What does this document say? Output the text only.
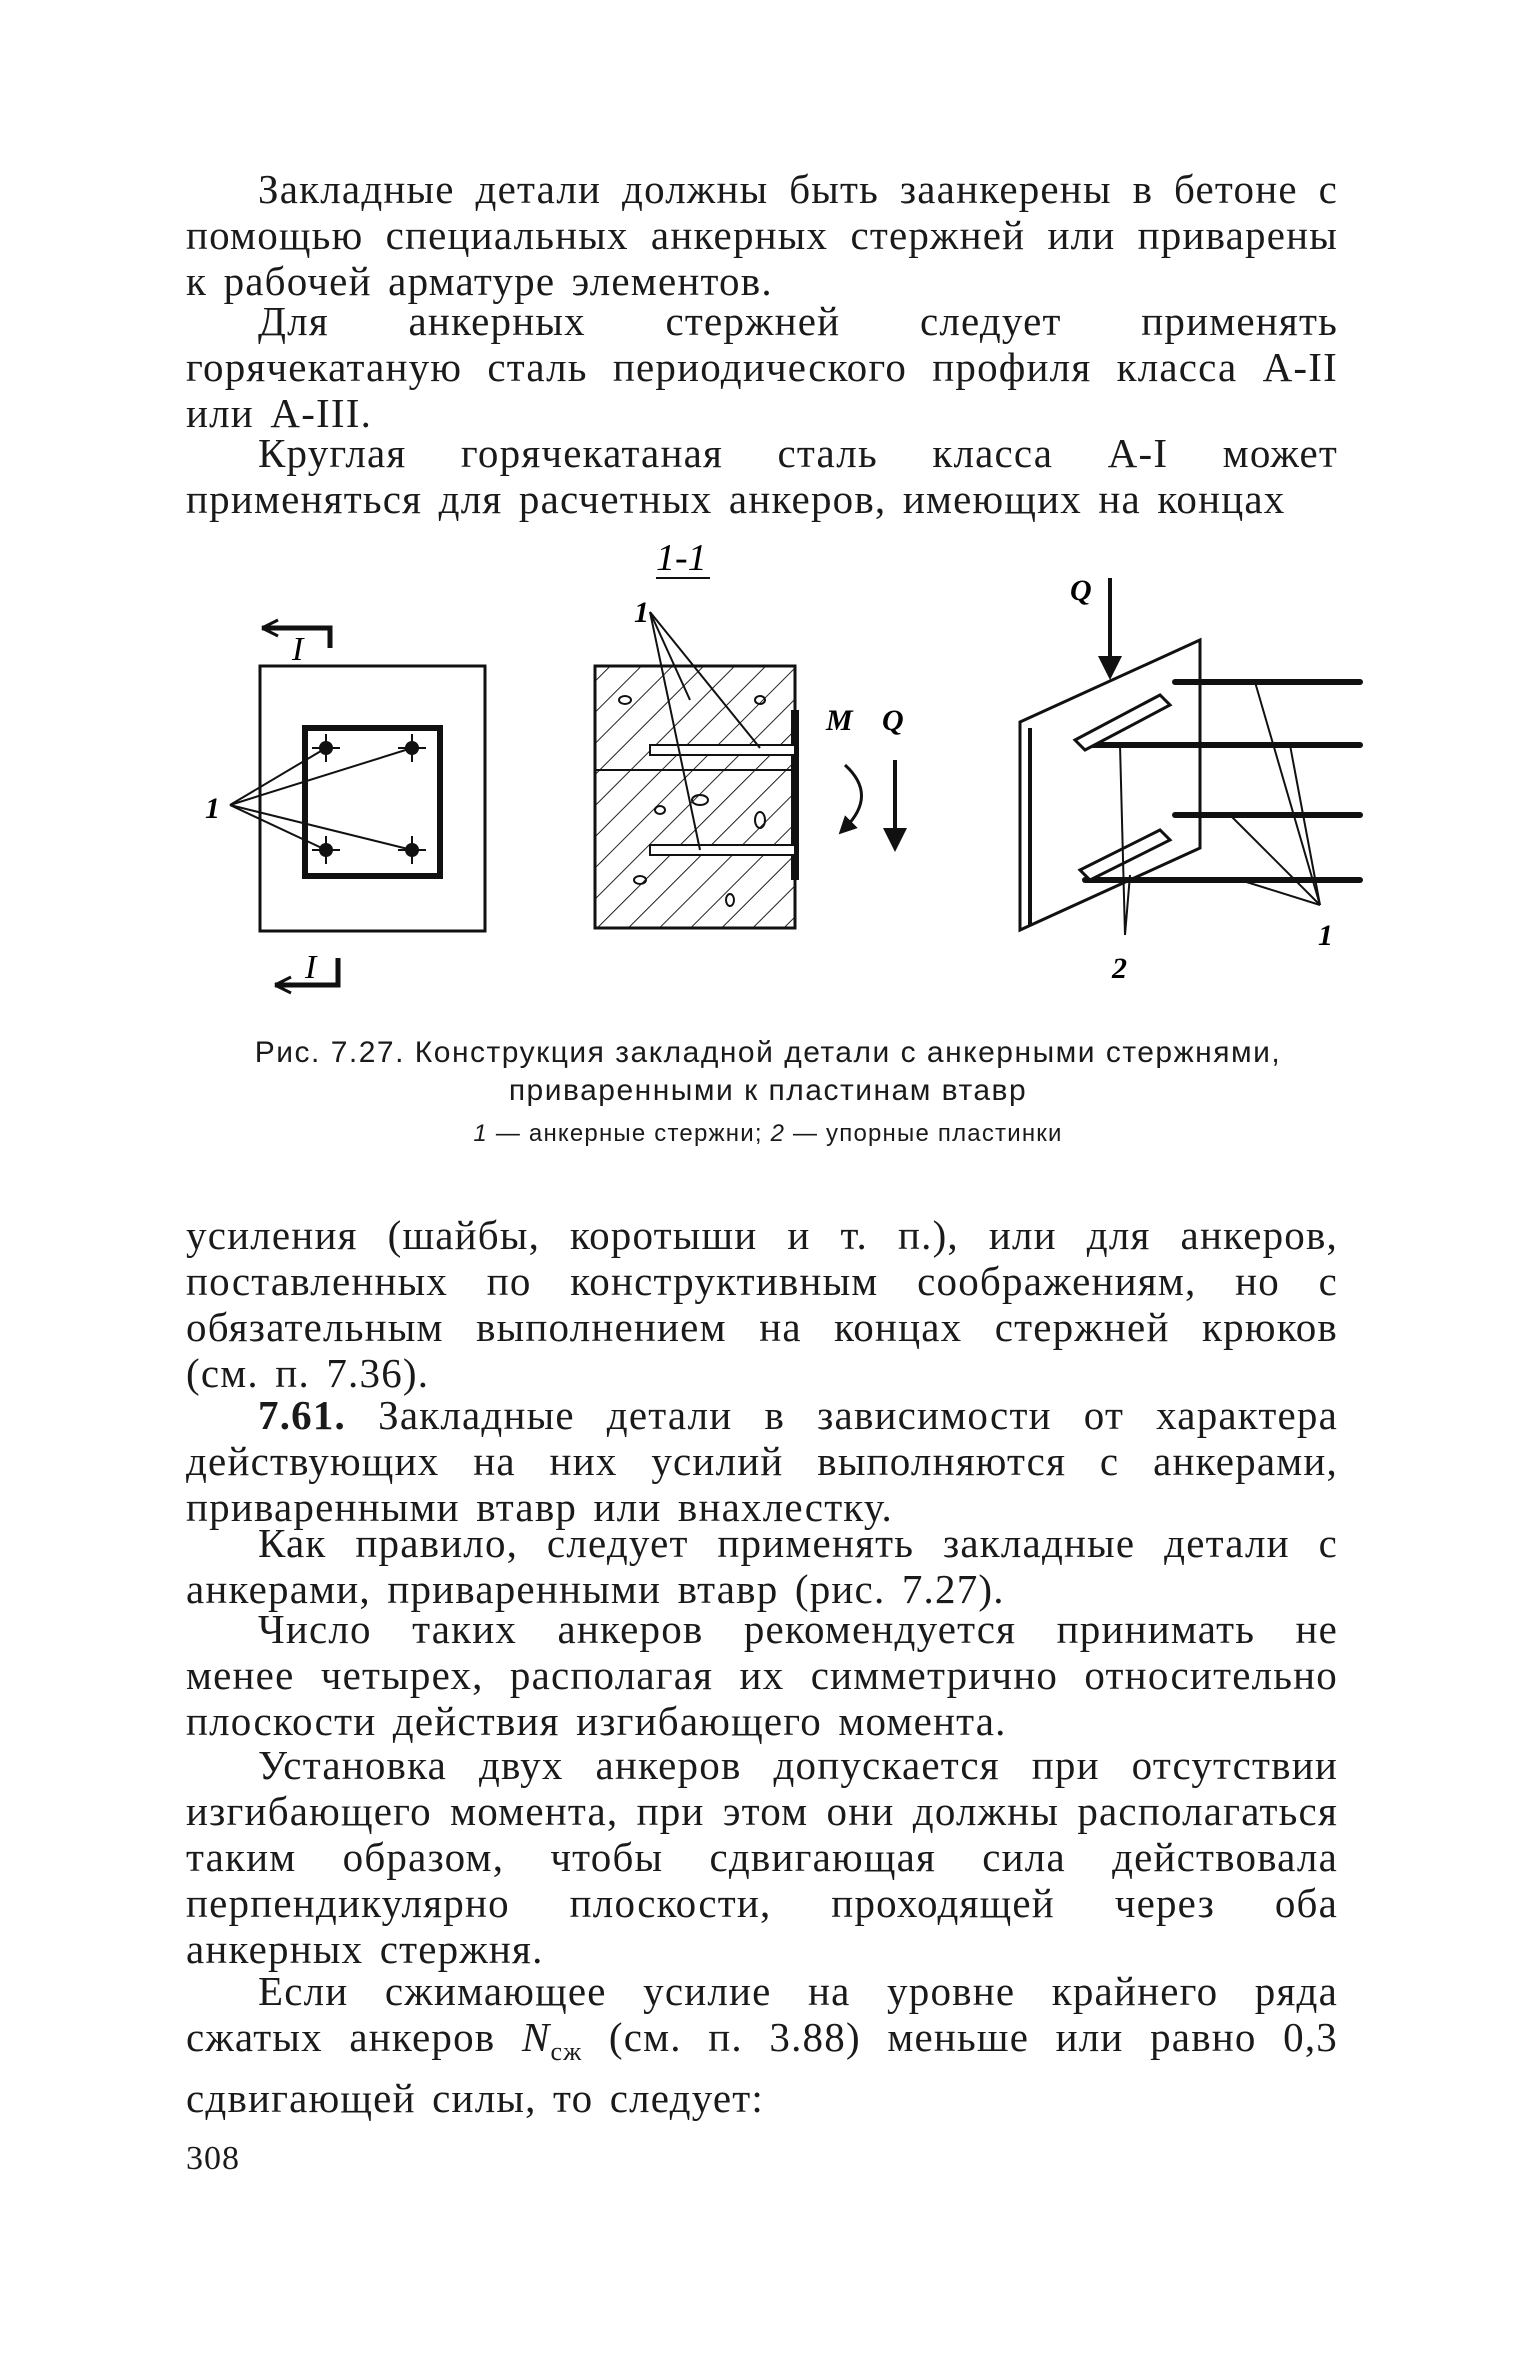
Закладные детали должны быть заанкерены в бетоне с помощью специальных анкерных стержней или приварены к рабочей арматуре элементов.

Для анкерных стержней следует применять горячекатаную сталь периодического профиля класса А-II или А-III.

Круглая горячекатаная сталь класса А-I может применяться для расчетных анкеров, имеющих на концах

1
I
I
1-1
1
M Q
Q
1
2
Рис. 7.27. Конструкция закладной детали с анкерными стержнями, приваренными к пластинам втавр
1 — анкерные стержни; 2 — упорные пластинки

усиления (шайбы, коротыши и т. п.), или для анкеров, поставленных по конструктивным соображениям, но с обязательным выполнением на концах стержней крюков (см. п. 7.36).

7.61. Закладные детали в зависимости от характера действующих на них усилий выполняются с анкерами, приваренными втавр или внахлестку.

Как правило, следует применять закладные детали с анкерами, приваренными втавр (рис. 7.27).

Число таких анкеров рекомендуется принимать не менее четырех, располагая их симметрично относительно плоскости действия изгибающего момента.

Установка двух анкеров допускается при отсутствии изгибающего момента, при этом они должны располагаться таким образом, чтобы сдвигающая сила действовала перпендикулярно плоскости, проходящей через оба анкерных стержня.

Если сжимающее усилие на уровне крайнего ряда сжатых анкеров $N_{сж}$ (см. п. 3.88) меньше или равно 0,3 сдвигающей силы, то следует:

308
